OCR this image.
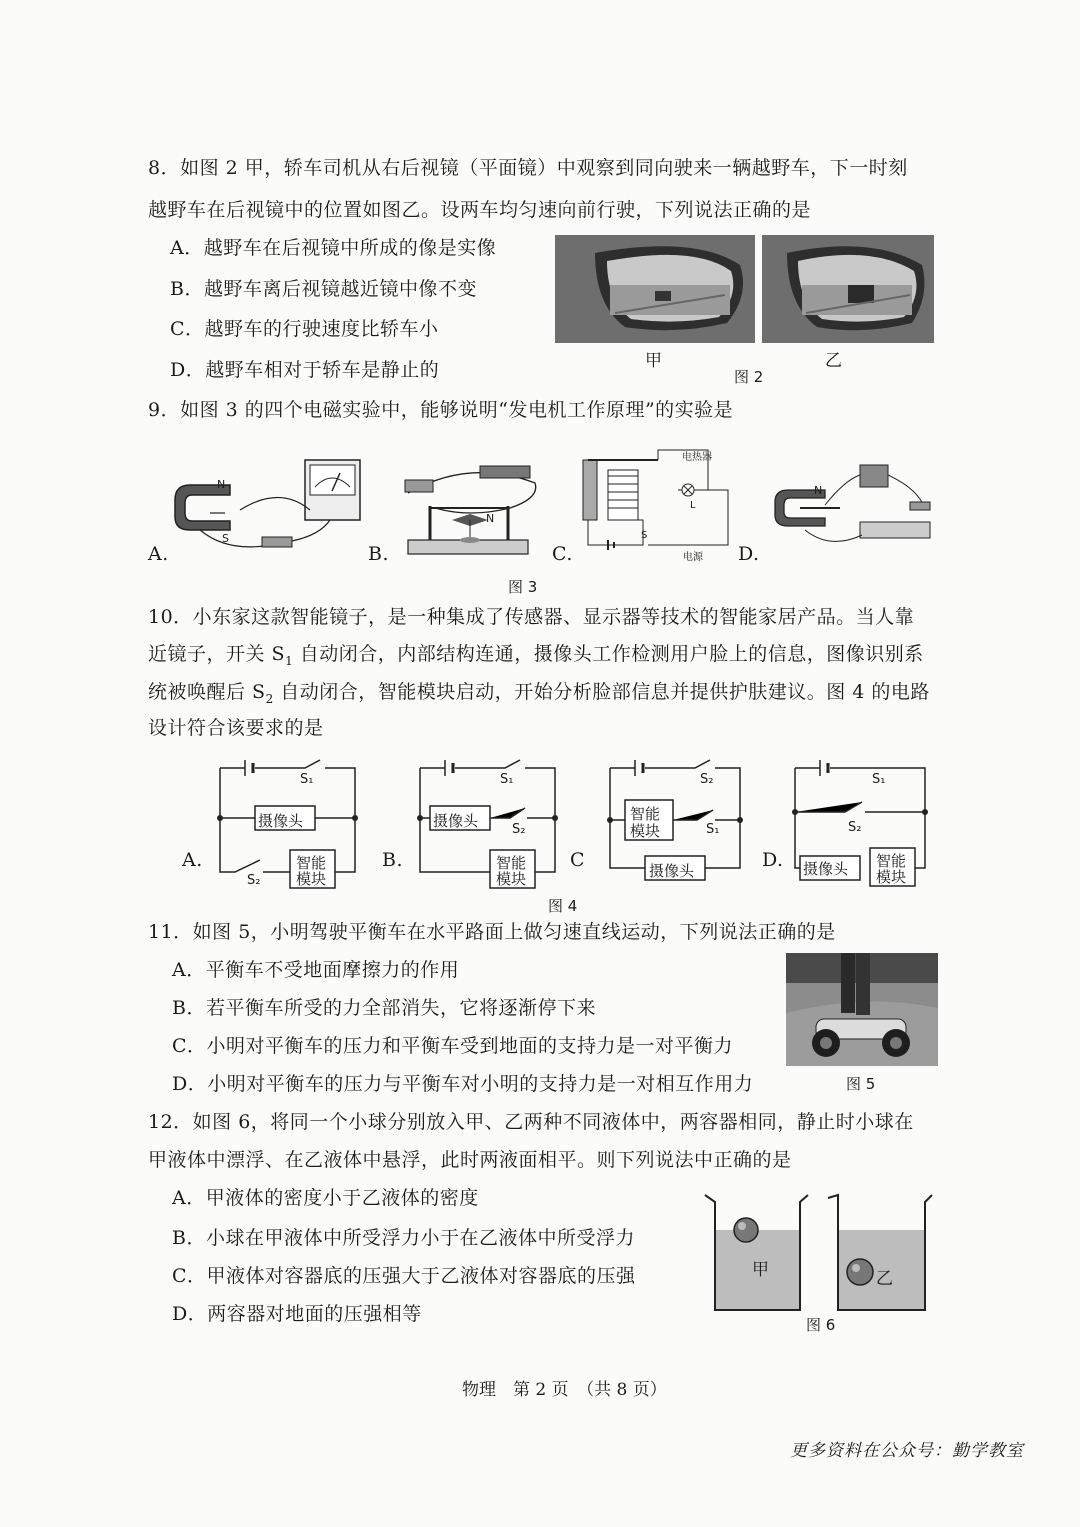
8．如图 2 甲，轿车司机从右后视镜（平面镜）中观察到同向驶来一辆越野车，下一时刻
越野车在后视镜中的位置如图乙。设两车均匀速向前行驶，下列说法正确的是
A．越野车在后视镜中所成的像是实像
B．越野车离后视镜越近镜中像不变
C．越野车的行驶速度比轿车小
D．越野车相对于轿车是静止的	甲	乙
图 2
9．如图 3 的四个电磁实验中，能够说明“发电机工作原理”的实验是
N
S
A.
N
B.
电热器
L
电源
S
C.
N
D.
图 3
10．小东家这款智能镜子，是一种集成了传感器、显示器等技术的智能家居产品。当人靠
近镜子，开关 $S_1$ 自动闭合，内部结构连通，摄像头工作检测用户脸上的信息，图像识别系
统被唤醒后 $S_2$ 自动闭合，智能模块启动，开始分析脸部信息并提供护肤建议。图 4 的电路
设计符合该要求的是
S₁
S₂
摄像头
智能
模块
A.
S₁
S₂
摄像头
智能
模块
B.
S₂
S₁
智能
模块
摄像头
C
S₁
S₂
摄像头 智能
模块
D.
图 4
11．如图 5，小明驾驶平衡车在水平路面上做匀速直线运动，下列说法正确的是
A．平衡车不受地面摩擦力的作用
B．若平衡车所受的力全部消失，它将逐渐停下来
C．小明对平衡车的压力和平衡车受到地面的支持力是一对平衡力
D．小明对平衡车的压力与平衡车对小明的支持力是一对相互作用力	图 5
12．如图 6，将同一个小球分别放入甲、乙两种不同液体中，两容器相同，静止时小球在
甲液体中漂浮、在乙液体中悬浮，此时两液面相平。则下列说法中正确的是
A．甲液体的密度小于乙液体的密度
B．小球在甲液体中所受浮力小于在乙液体中所受浮力
C．甲液体对容器底的压强大于乙液体对容器底的压强
D．两容器对地面的压强相等
甲	乙
图 6
物理　第 2 页　（共 8 页）
更多资料在公众号：勤学教室
